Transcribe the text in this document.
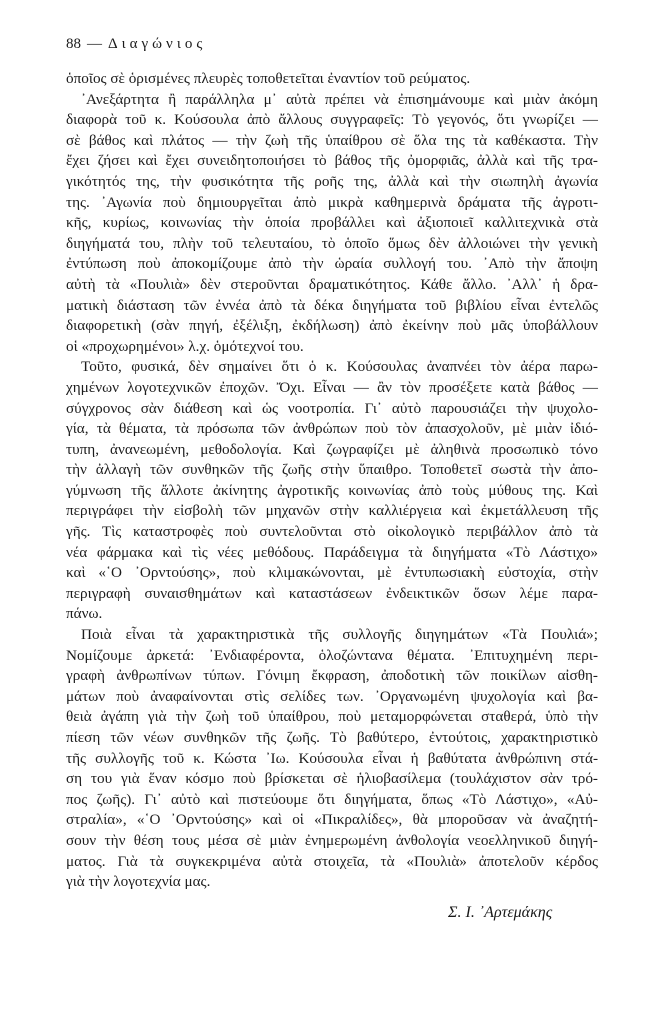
88 — Διαγώνιος
ὁποῖος σὲ ὁρισμένες πλευρὲς τοποθετεῖται ἐναντίον τοῦ ρεύματος.
᾿Ανεξάρτητα ἢ παράλληλα μ᾿ αὐτὰ πρέπει νὰ ἐπισημάνουμε καὶ μιὰν ἀκόμη
διαφορὰ τοῦ κ. Κούσουλα ἀπὸ ἄλλους συγγραφεῖς: Τὸ γεγονός, ὅτι γνωρίζει —
σὲ βάθος καὶ πλάτος — τὴν ζωὴ τῆς ὑπαίθρου σὲ ὅλα της τὰ καθέκαστα. Τὴν
ἔχει ζήσει καὶ ἔχει συνειδητοποιήσει τὸ βάθος τῆς ὀμορφιᾶς, ἀλλὰ καὶ τῆς τρα-
γικότητός της, τὴν φυσικότητα τῆς ροῆς της, ἀλλὰ καὶ τὴν σιωπηλὴ ἀγωνία
της. ᾿Αγωνία ποὺ δημιουργεῖται ἀπὸ μικρὰ καθημερινὰ δράματα τῆς ἀγροτι-
κῆς, κυρίως, κοινωνίας τὴν ὁποία προβάλλει καὶ ἀξιοποιεῖ καλλιτεχνικὰ στὰ
διηγήματά του, πλὴν τοῦ τελευταίου, τὸ ὁποῖο ὅμως δὲν ἀλλοιώνει τὴν γενικὴ
ἐντύπωση ποὺ ἀποκομίζουμε ἀπὸ τὴν ὡραία συλλογή του. ᾿Απὸ τὴν ἄποψη
αὐτὴ τὰ «Πουλιὰ» δὲν στεροῦνται δραματικότητος. Κάθε ἄλλο. ᾿Αλλ᾿ ἡ δρα-
ματικὴ διάσταση τῶν ἐννέα ἀπὸ τὰ δέκα διηγήματα τοῦ βιβλίου εἶναι ἐντελῶς
διαφορετικὴ (σὰν πηγή, ἐξέλιξη, ἐκδήλωση) ἀπὸ ἐκείνην ποὺ μᾶς ὑποβάλλουν
οἱ «προχωρημένοι» λ.χ. ὁμότεχνοί του.
Τοῦτο, φυσικά, δὲν σημαίνει ὅτι ὁ κ. Κούσουλας ἀναπνέει τὸν ἀέρα παρω-
χημένων λογοτεχνικῶν ἐποχῶν. Ὄχι. Εἶναι — ἂν τὸν προσέξετε κατὰ βάθος —
σύγχρονος σὰν διάθεση καὶ ὡς νοοτροπία. Γι᾿ αὐτὸ παρουσιάζει τὴν ψυχολο-
γία, τὰ θέματα, τὰ πρόσωπα τῶν ἀνθρώπων ποὺ τὸν ἀπασχολοῦν, μὲ μιὰν ἰδιό-
τυπη, ἀνανεωμένη, μεθοδολογία. Καὶ ζωγραφίζει μὲ ἀληθινὰ προσωπικὸ τόνο
τὴν ἀλλαγὴ τῶν συνθηκῶν τῆς ζωῆς στὴν ὕπαιθρο. Τοποθετεῖ σωστὰ τὴν ἀπο-
γύμνωση τῆς ἄλλοτε ἀκίνητης ἀγροτικῆς κοινωνίας ἀπὸ τοὺς μύθους της. Καὶ
περιγράφει τὴν εἰσβολὴ τῶν μηχανῶν στὴν καλλιέργεια καὶ ἐκμετάλλευση τῆς
γῆς. Τὶς καταστροφὲς ποὺ συντελοῦνται στὸ οἰκολογικὸ περιβάλλον ἀπὸ τὰ
νέα φάρμακα καὶ τὶς νέες μεθόδους. Παράδειγμα τὰ διηγήματα «Τὸ Λάστιχο»
καὶ «῾Ο ᾿Ορντούσης», ποὺ κλιμακώνονται, μὲ ἐντυπωσιακὴ εὐστοχία, στὴν
περιγραφὴ συναισθημάτων καὶ καταστάσεων ἐνδεικτικῶν ὅσων λέμε παρα-
πάνω.
Ποιὰ εἶναι τὰ χαρακτηριστικὰ τῆς συλλογῆς διηγημάτων «Τὰ Πουλιά»;
Νομίζουμε ἀρκετά: ᾿Ενδιαφέροντα, ὁλοζώντανα θέματα. ᾿Επιτυχημένη περι-
γραφὴ ἀνθρωπίνων τύπων. Γόνιμη ἔκφραση, ἀποδοτικὴ τῶν ποικίλων αἰσθη-
μάτων ποὺ ἀναφαίνονται στὶς σελίδες των. ᾿Οργανωμένη ψυχολογία καὶ βα-
θειὰ ἀγάπη γιὰ τὴν ζωὴ τοῦ ὑπαίθρου, ποὺ μεταμορφώνεται σταθερά, ὑπὸ τὴν
πίεση τῶν νέων συνθηκῶν τῆς ζωῆς. Τὸ βαθύτερο, ἐντούτοις, χαρακτηριστικὸ
τῆς συλλογῆς τοῦ κ. Κώστα ᾿Ιω. Κούσουλα εἶναι ἡ βαθύτατα ἀνθρώπινη στά-
ση του γιὰ ἕναν κόσμο ποὺ βρίσκεται σὲ ἡλιοβασίλεμα (τουλάχιστον σὰν τρό-
πος ζωῆς). Γι᾿ αὐτὸ καὶ πιστεύουμε ὅτι διηγήματα, ὅπως «Τὸ Λάστιχο», «Αὐ-
στραλία», «῾Ο ᾿Ορντούσης» καὶ οἱ «Πικραλίδες», θὰ μποροῦσαν νὰ ἀναζητή-
σουν τὴν θέση τους μέσα σὲ μιὰν ἐνημερωμένη ἀνθολογία νεοελληνικοῦ διηγή-
ματος. Γιὰ τὰ συγκεκριμένα αὐτὰ στοιχεῖα, τὰ «Πουλιὰ» ἀποτελοῦν κέρδος
γιὰ τὴν λογοτεχνία μας.
Σ. Ι. ᾿Αρτεμάκης
